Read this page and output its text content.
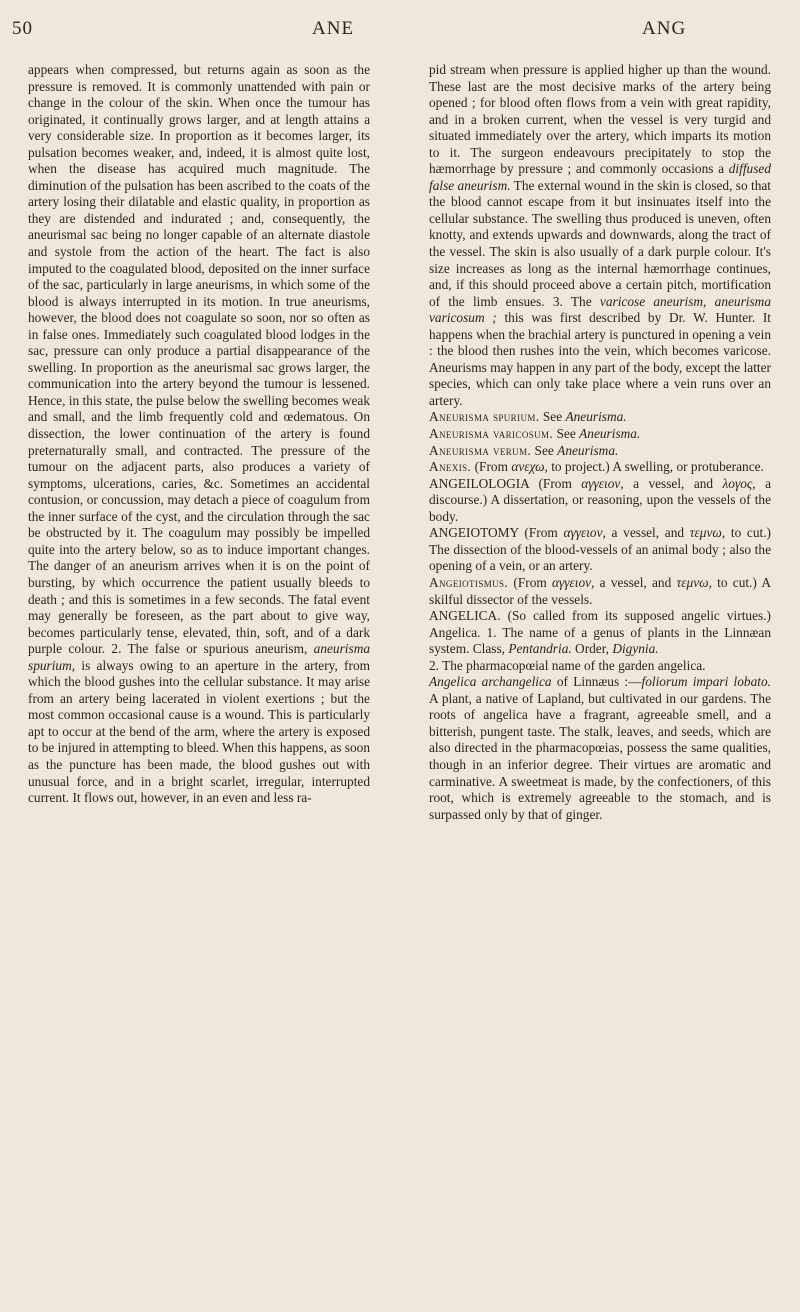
50	ANE	ANG

appears when compressed, but returns again as soon as the pressure is removed. It is commonly unattended with pain or change in the colour of the skin. When once the tumour has originated, it continually grows larger, and at length attains a very considerable size. In proportion as it becomes larger, its pulsation becomes weaker, and, indeed, it is almost quite lost, when the disease has acquired much magnitude. The diminution of the pulsation has been ascribed to the coats of the artery losing their dilatable and elastic quality, in proportion as they are distended and indurated ; and, consequently, the aneurismal sac being no longer capable of an alternate diastole and systole from the action of the heart. The fact is also imputed to the coagulated blood, deposited on the inner surface of the sac, particularly in large aneurisms, in which some of the blood is always interrupted in its motion. In true aneurisms, however, the blood does not coagulate so soon, nor so often as in false ones. Immediately such coagulated blood lodges in the sac, pressure can only produce a partial disappearance of the swelling. In proportion as the aneurismal sac grows larger, the communication into the artery beyond the tumour is lessened. Hence, in this state, the pulse below the swelling becomes weak and small, and the limb frequently cold and œdematous. On dissection, the lower continuation of the artery is found preternaturally small, and contracted. The pressure of the tumour on the adjacent parts, also produces a variety of symptoms, ulcerations, caries, &c. Sometimes an accidental contusion, or concussion, may detach a piece of coagulum from the inner surface of the cyst, and the circulation through the sac be obstructed by it. The coagulum may possibly be impelled quite into the artery below, so as to induce important changes. The danger of an aneurism arrives when it is on the point of bursting, by which occurrence the patient usually bleeds to death ; and this is sometimes in a few seconds. The fatal event may generally be foreseen, as the part about to give way, becomes particularly tense, elevated, thin, soft, and of a dark purple colour. 2. The false or spurious aneurism, aneurisma spurium, is always owing to an aperture in the artery, from which the blood gushes into the cellular substance. It may arise from an artery being lacerated in violent exertions ; but the most common occasional cause is a wound. This is particularly apt to occur at the bend of the arm, where the artery is exposed to be injured in attempting to bleed. When this happens, as soon as the puncture has been made, the blood gushes out with unusual force, and in a bright scarlet, irregular, interrupted current. It flows out, however, in an even and less ra-

pid stream when pressure is applied higher up than the wound. These last are the most decisive marks of the artery being opened ; for blood often flows from a vein with great rapidity, and in a broken current, when the vessel is very turgid and situated immediately over the artery, which imparts its motion to it. The surgeon endeavours precipitately to stop the hæmorrhage by pressure ; and commonly occasions a diffused false aneurism. The external wound in the skin is closed, so that the blood cannot escape from it but insinuates itself into the cellular substance. The swelling thus produced is uneven, often knotty, and extends upwards and downwards, along the tract of the vessel. The skin is also usually of a dark purple colour. It's size increases as long as the internal hæmorrhage continues, and, if this should proceed above a certain pitch, mortification of the limb ensues. 3. The varicose aneurism, aneurisma varicosum ; this was first described by Dr. W. Hunter. It happens when the brachial artery is punctured in opening a vein : the blood then rushes into the vein, which becomes varicose. Aneurisms may happen in any part of the body, except the latter species, which can only take place where a vein runs over an artery.

Aneurisma spurium. See Aneurisma.

Aneurisma varicosum. See Aneurisma.

Aneurisma verum. See Aneurisma.

Anexis. (From ανεχω, to project.) A swelling, or protuberance.

ANGEILOLOGIA (From αγγειον, a vessel, and λογος, a discourse.) A dissertation, or reasoning, upon the vessels of the body.

ANGEIOTOMY (From αγγειον, a vessel, and τεμνω, to cut.) The dissection of the blood-vessels of an animal body ; also the opening of a vein, or an artery.

Angeiotismus. (From αγγειον, a vessel, and τεμνω, to cut.) A skilful dissector of the vessels.

ANGELICA. (So called from its supposed angelic virtues.) Angelica. 1. The name of a genus of plants in the Linnæan system. Class, Pentandria. Order, Digynia.

2. The pharmacopœial name of the garden angelica.

Angelica archangelica of Linnæus :—foliorum impari lobato. A plant, a native of Lapland, but cultivated in our gardens. The roots of angelica have a fragrant, agreeable smell, and a bitterish, pungent taste. The stalk, leaves, and seeds, which are also directed in the pharmacopœias, possess the same qualities, though in an inferior degree. Their virtues are aromatic and carminative. A sweetmeat is made, by the confectioners, of this root, which is extremely agreeable to the stomach, and is surpassed only by that of ginger.
